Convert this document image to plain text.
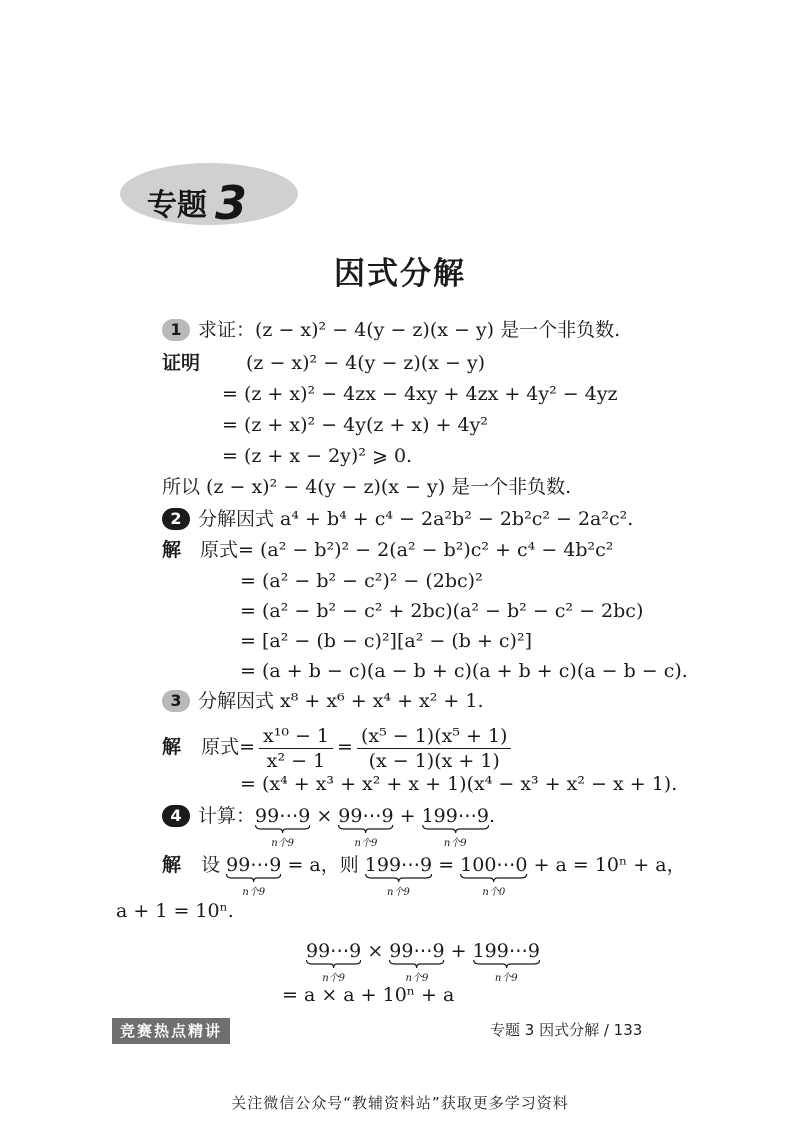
专题 3
因式分解
1 求证：(z − x)² − 4(y − z)(x − y) 是一个非负数.
证明 (z − x)² − 4(y − z)(x − y)
= (z + x)² − 4zx − 4xy + 4zx + 4y² − 4yz
= (z + x)² − 4y(z + x) + 4y²
= (z + x − 2y)² ⩾ 0.
所以 (z − x)² − 4(y − z)(x − y) 是一个非负数.
2 分解因式 a⁴ + b⁴ + c⁴ − 2a²b² − 2b²c² − 2a²c².
解 原式= (a² − b²)² − 2(a² − b²)c² + c⁴ − 4b²c²
= (a² − b² − c²)² − (2bc)²
= (a² − b² − c² + 2bc)(a² − b² − c² − 2bc)
= [a² − (b − c)²][a² − (b + c)²]
= (a + b − c)(a − b + c)(a + b + c)(a − b − c).
3 分解因式 x⁸ + x⁶ + x⁴ + x² + 1.
解 原式= $\frac{\text{x¹⁰ − 1}}{\text{x² − 1}} = \frac{\text{(x⁵ − 1)(x⁵ + 1)}}{(x - 1)(x + 1)}$
= (x⁴ + x³ + x² + x + 1)(x⁴ − x³ + x² − x + 1).
4 计算：99⋯9
n个9
× 99⋯9
n个9
+ 199⋯9
n个9
.
解 设 99⋯9
n个9
= a，则 199⋯9
n个9
= 100⋯0
n个0
+ a = 10ⁿ + a，
a + 1 = 10ⁿ.
99⋯9
n个9
× 99⋯9
n个9
+ 199⋯9
n个9
= a × a + 10ⁿ + a
竞赛热点精讲	专题 3 因式分解 / 133
关注微信公众号“教辅资料站”获取更多学习资料
